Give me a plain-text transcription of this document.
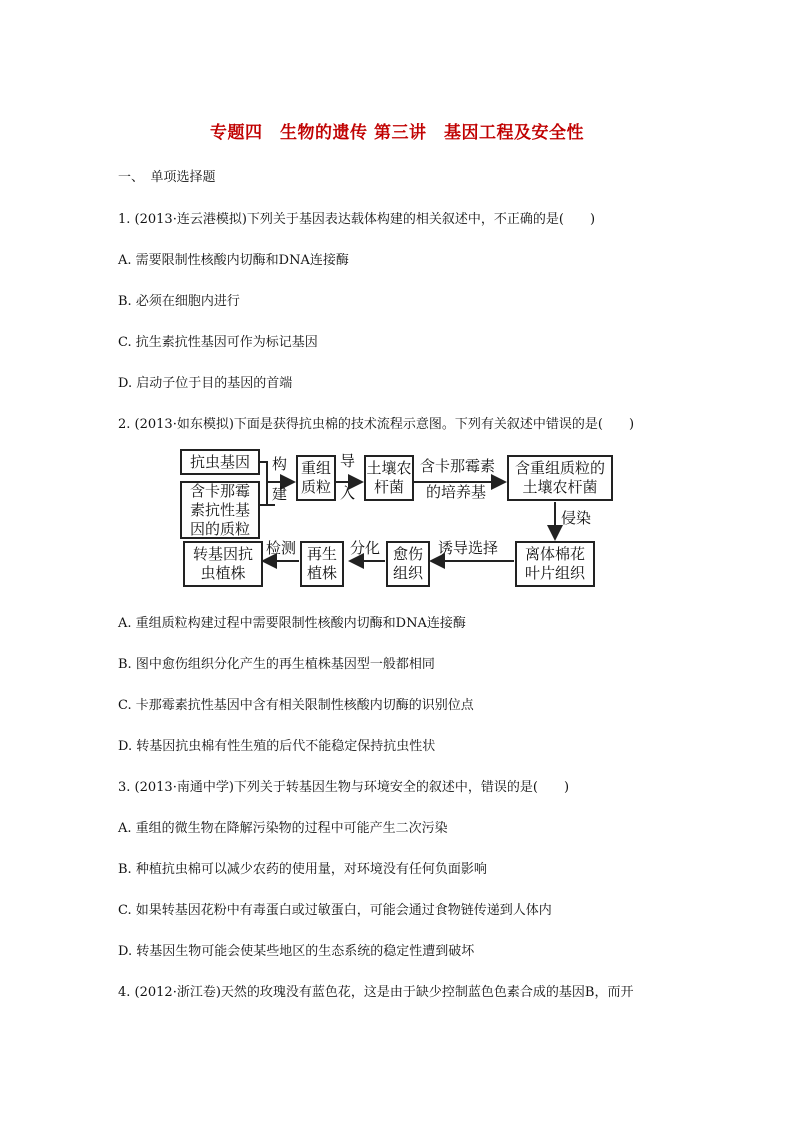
专题四　生物的遗传 第三讲　基因工程及安全性
一、　单项选择题
1. (2013·连云港模拟)下列关于基因表达载体构建的相关叙述中，不正确的是(　　)
A. 需要限制性核酸内切酶和DNA连接酶
B. 必须在细胞内进行
C. 抗生素抗性基因可作为标记基因
D. 启动子位于目的基因的首端
2. (2013·如东模拟)下面是获得抗虫棉的技术流程示意图。下列有关叙述中错误的是(　　)
抗虫基因
含卡那霉
素抗性基
因的质粒
重组
质粒
土壤农
杆菌
含重组质粒的
土壤农杆菌
离体棉花
叶片组织
愈伤
组织
再生
植株
转基因抗
虫植株
构
建
导
入
含卡那霉素
的培养基
侵染
诱导选择
分化
检测
A. 重组质粒构建过程中需要限制性核酸内切酶和DNA连接酶
B. 图中愈伤组织分化产生的再生植株基因型一般都相同
C. 卡那霉素抗性基因中含有相关限制性核酸内切酶的识别位点
D. 转基因抗虫棉有性生殖的后代不能稳定保持抗虫性状
3. (2013·南通中学)下列关于转基因生物与环境安全的叙述中，错误的是(　　)
A. 重组的微生物在降解污染物的过程中可能产生二次污染
B. 种植抗虫棉可以减少农药的使用量，对环境没有任何负面影响
C. 如果转基因花粉中有毒蛋白或过敏蛋白，可能会通过食物链传递到人体内
D. 转基因生物可能会使某些地区的生态系统的稳定性遭到破坏
4. (2012·浙江卷)天然的玫瑰没有蓝色花，这是由于缺少控制蓝色色素合成的基因B，而开
